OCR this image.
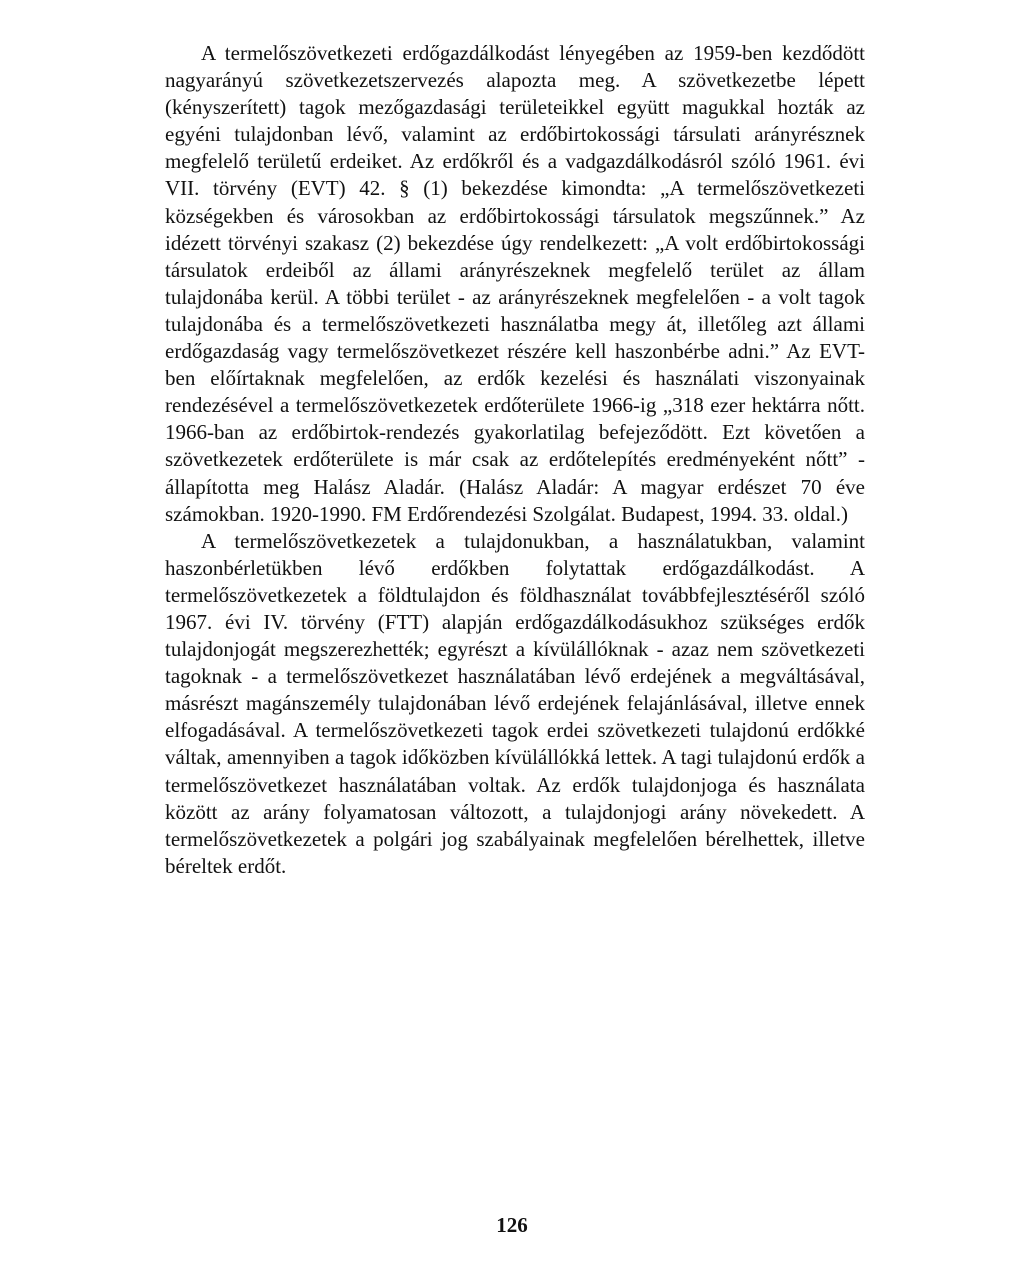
A termelőszövetkezeti erdőgazdálkodást lényegében az 1959-ben kezdődött nagyarányú szövetkezetszervezés alapozta meg. A szövetkezetbe lépett (kényszerített) tagok mezőgazdasági területeikkel együtt magukkal hozták az egyéni tulajdonban lévő, valamint az erdőbirtokossági társulati arányrésznek megfelelő területű erdeiket. Az erdőkről és a vadgazdálkodásról szóló 1961. évi VII. törvény (EVT) 42. § (1) bekezdése kimondta: „A termelőszövetkezeti községekben és városokban az erdőbirtokossági társulatok megszűnnek.” Az idézett törvényi szakasz (2) bekezdése úgy rendelkezett: „A volt erdőbirtokossági társulatok erdeiből az állami arányrészeknek megfelelő terület az állam tulajdonába kerül. A többi terület - az arányrészeknek megfelelően - a volt tagok tulajdonába és a termelőszövetkezeti használatba megy át, illetőleg azt állami erdőgazdaság vagy termelőszövetkezet részére kell haszonbérbe adni.” Az EVT-ben előírtaknak megfelelően, az erdők kezelési és használati viszonyainak rendezésével a termelőszövetkezetek erdőterülete 1966-ig „318 ezer hektárra nőtt. 1966-ban az erdőbirtok-rendezés gyakorlatilag befejeződött. Ezt követően a szövetkezetek erdőterülete is már csak az erdőtelepítés eredményeként nőtt” - állapította meg Halász Aladár. (Halász Aladár: A magyar erdészet 70 éve számokban. 1920-1990. FM Erdőrendezési Szolgálat. Budapest, 1994. 33. oldal.)

A termelőszövetkezetek a tulajdonukban, a használatukban, valamint haszonbérletükben lévő erdőkben folytattak erdőgazdálkodást. A termelőszövetkezetek a földtulajdon és földhasználat továbbfejlesztéséről szóló 1967. évi IV. törvény (FTT) alapján erdőgazdálkodásukhoz szükséges erdők tulajdonjogát megszerezhették; egyrészt a kívülállóknak - azaz nem szövetkezeti tagoknak - a termelőszövetkezet használatában lévő erdejének a megváltásával, másrészt magánszemély tulajdonában lévő erdejének felajánlásával, illetve ennek elfogadásával. A termelőszövetkezeti tagok erdei szövetkezeti tulajdonú erdőkké váltak, amennyiben a tagok időközben kívülállókká lettek. A tagi tulajdonú erdők a termelőszövetkezet használatában voltak. Az erdők tulajdonjoga és használata között az arány folyamatosan változott, a tulajdonjogi arány növekedett. A termelőszövetkezetek a polgári jog szabályainak megfelelően bérelhettek, illetve béreltek erdőt.

126
